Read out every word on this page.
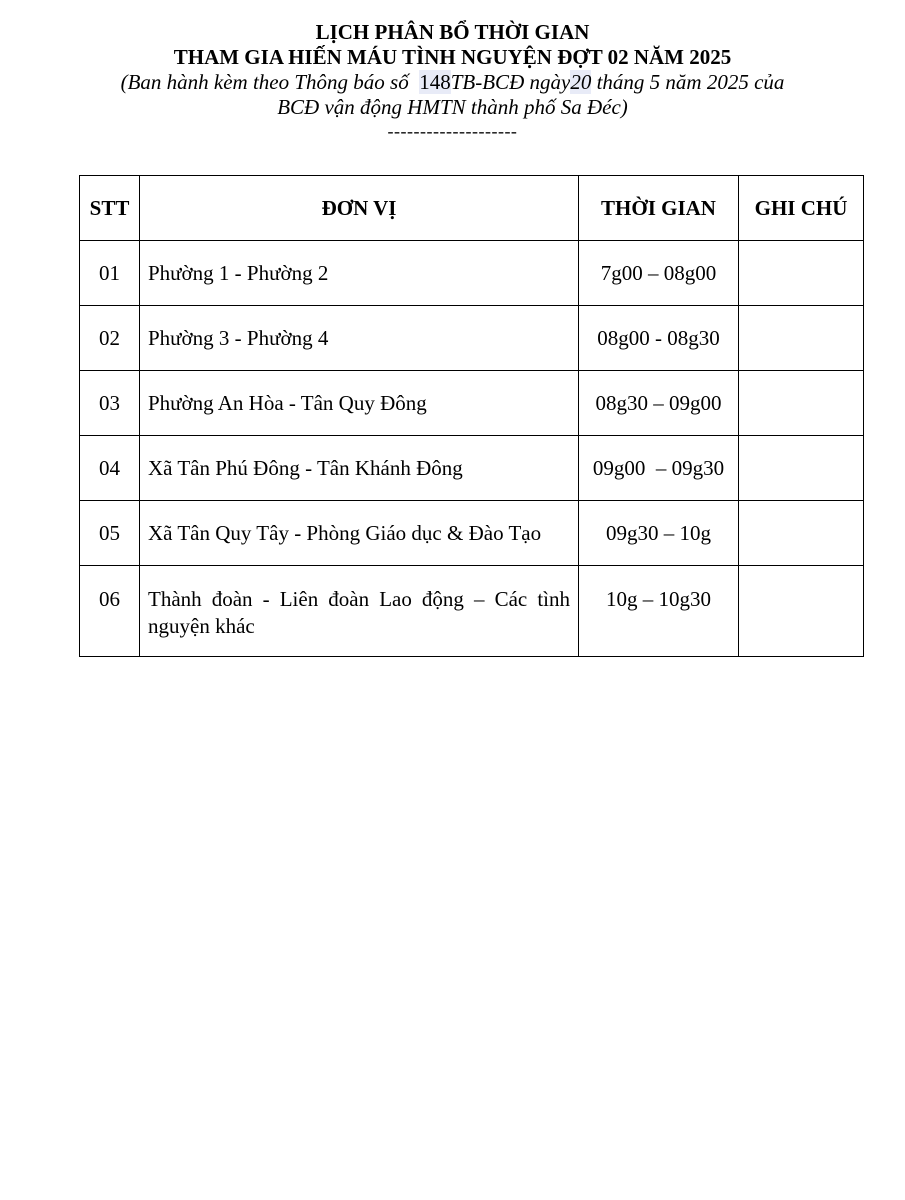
LỊCH PHÂN BỔ THỜI GIAN
THAM GIA HIẾN MÁU TÌNH NGUYỆN ĐỢT 02 NĂM 2025
(Ban hành kèm theo Thông báo số 148TB-BCĐ ngày20 tháng 5 năm 2025 của
BCĐ vận động HMTN thành phố Sa Đéc)
--------------------
STT	ĐƠN VỊ	THỜI GIAN	GHI CHÚ
01	Phường 1 - Phường 2	7g00 – 08g00	
02	Phường 3 - Phường 4	08g00 - 08g30	
03	Phường An Hòa - Tân Quy Đông	08g30 – 09g00	
04	Xã Tân Phú Đông - Tân Khánh Đông	09g00  – 09g30	
05	Xã Tân Quy Tây - Phòng Giáo dục & Đào Tạo	09g30 – 10g	
06	Thành đoàn - Liên đoàn Lao động – Các tình nguyện khác	10g – 10g30	
